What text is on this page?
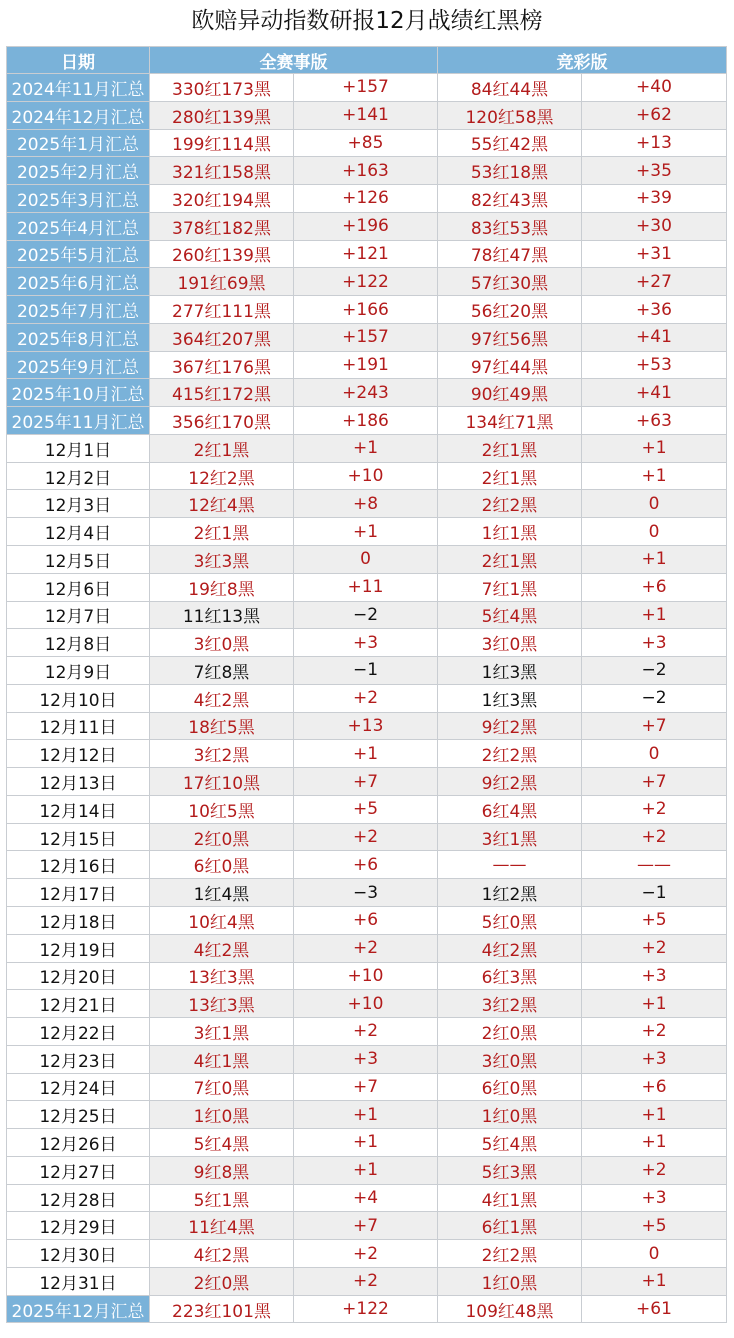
欧赔异动指数研报12月战绩红黑榜
日期	全赛事版		竞彩版	
2024年11月汇总	330红173黑	+157	84红44黑	+40
2024年12月汇总	280红139黑	+141	120红58黑	+62
2025年1月汇总	199红114黑	+85	55红42黑	+13
2025年2月汇总	321红158黑	+163	53红18黑	+35
2025年3月汇总	320红194黑	+126	82红43黑	+39
2025年4月汇总	378红182黑	+196	83红53黑	+30
2025年5月汇总	260红139黑	+121	78红47黑	+31
2025年6月汇总	191红69黑	+122	57红30黑	+27
2025年7月汇总	277红111黑	+166	56红20黑	+36
2025年8月汇总	364红207黑	+157	97红56黑	+41
2025年9月汇总	367红176黑	+191	97红44黑	+53
2025年10月汇总	415红172黑	+243	90红49黑	+41
2025年11月汇总	356红170黑	+186	134红71黑	+63
12月1日	2红1黑	+1	2红1黑	+1
12月2日	12红2黑	+10	2红1黑	+1
12月3日	12红4黑	+8	2红2黑	0
12月4日	2红1黑	+1	1红1黑	0
12月5日	3红3黑	0	2红1黑	+1
12月6日	19红8黑	+11	7红1黑	+6
12月7日	11红13黑	−2	5红4黑	+1
12月8日	3红0黑	+3	3红0黑	+3
12月9日	7红8黑	−1	1红3黑	−2
12月10日	4红2黑	+2	1红3黑	−2
12月11日	18红5黑	+13	9红2黑	+7
12月12日	3红2黑	+1	2红2黑	0
12月13日	17红10黑	+7	9红2黑	+7
12月14日	10红5黑	+5	6红4黑	+2
12月15日	2红0黑	+2	3红1黑	+2
12月16日	6红0黑	+6	——	——
12月17日	1红4黑	−3	1红2黑	−1
12月18日	10红4黑	+6	5红0黑	+5
12月19日	4红2黑	+2	4红2黑	+2
12月20日	13红3黑	+10	6红3黑	+3
12月21日	13红3黑	+10	3红2黑	+1
12月22日	3红1黑	+2	2红0黑	+2
12月23日	4红1黑	+3	3红0黑	+3
12月24日	7红0黑	+7	6红0黑	+6
12月25日	1红0黑	+1	1红0黑	+1
12月26日	5红4黑	+1	5红4黑	+1
12月27日	9红8黑	+1	5红3黑	+2
12月28日	5红1黑	+4	4红1黑	+3
12月29日	11红4黑	+7	6红1黑	+5
12月30日	4红2黑	+2	2红2黑	0
12月31日	2红0黑	+2	1红0黑	+1
2025年12月汇总	223红101黑	+122	109红48黑	+61
